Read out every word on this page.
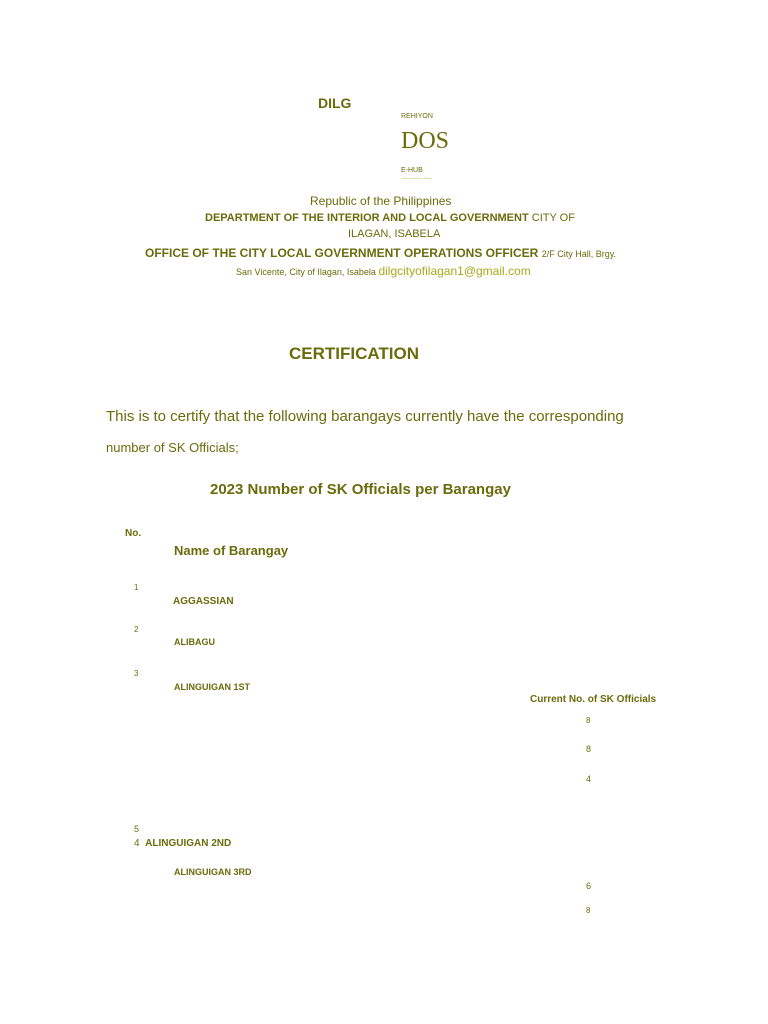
DILG
REHIYON
DOS
E-HUB
Kalidad at Serbisyo Para Sa Bayan
Republic of the Philippines
DEPARTMENT OF THE INTERIOR AND LOCAL GOVERNMENT CITY OF
ILAGAN, ISABELA
OFFICE OF THE CITY LOCAL GOVERNMENT OPERATIONS OFFICER 2/F City Hall, Brgy.
San Vicente, City of Ilagan, Isabela dilgcityofilagan1@gmail.com
CERTIFICATION
This is to certify that the following barangays currently have the corresponding
number of SK Officials;
2023 Number of SK Officials per Barangay
No.
Name of Barangay
Current No. of SK Officials
1
AGGASSIAN
2
ALIBAGU
3
ALINGUIGAN 1ST
8
8
4
5
4 ALINGUIGAN 2ND
ALINGUIGAN 3RD
6
8
